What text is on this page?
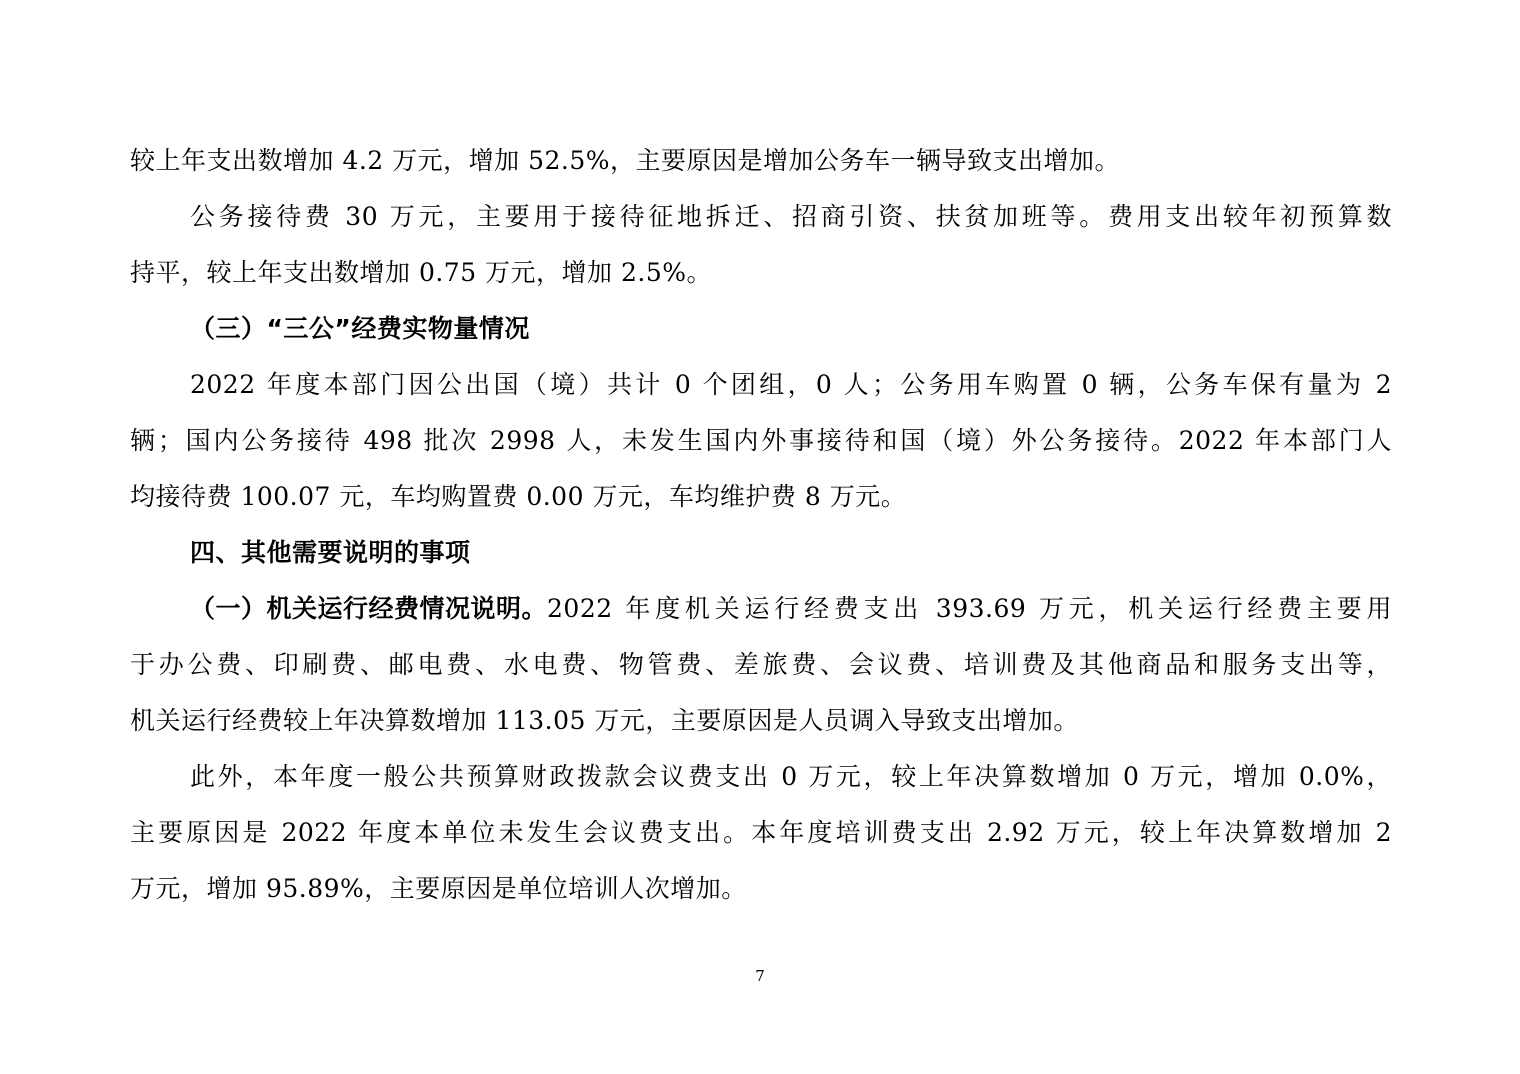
较上年支出数增加 4.2 万元，增加 52.5%，主要原因是增加公务车一辆导致支出增加。
公务接待费 30 万元，主要用于接待征地拆迁、招商引资、扶贫加班等。费用支出较年初预算数
持平，较上年支出数增加 0.75 万元，增加 2.5%。
（三）“三公”经费实物量情况
2022 年度本部门因公出国（境）共计 0 个团组，0 人；公务用车购置 0 辆，公务车保有量为 2
辆；国内公务接待 498 批次 2998 人，未发生国内外事接待和国（境）外公务接待。2022 年本部门人
均接待费 100.07 元，车均购置费 0.00 万元，车均维护费 8 万元。
四、其他需要说明的事项
（一）机关运行经费情况说明。 2022 年度机关运行经费支出 393.69 万元，机关运行经费主要用
于办公费、印刷费、邮电费、水电费、物管费、差旅费、会议费、培训费及其他商品和服务支出等，
机关运行经费较上年决算数增加 113.05 万元，主要原因是人员调入导致支出增加。
此外，本年度一般公共预算财政拨款会议费支出 0 万元，较上年决算数增加 0 万元，增加 0.0%，
主要原因是 2022 年度本单位未发生会议费支出。本年度培训费支出 2.92 万元，较上年决算数增加 2
万元，增加 95.89%，主要原因是单位培训人次增加。
7
